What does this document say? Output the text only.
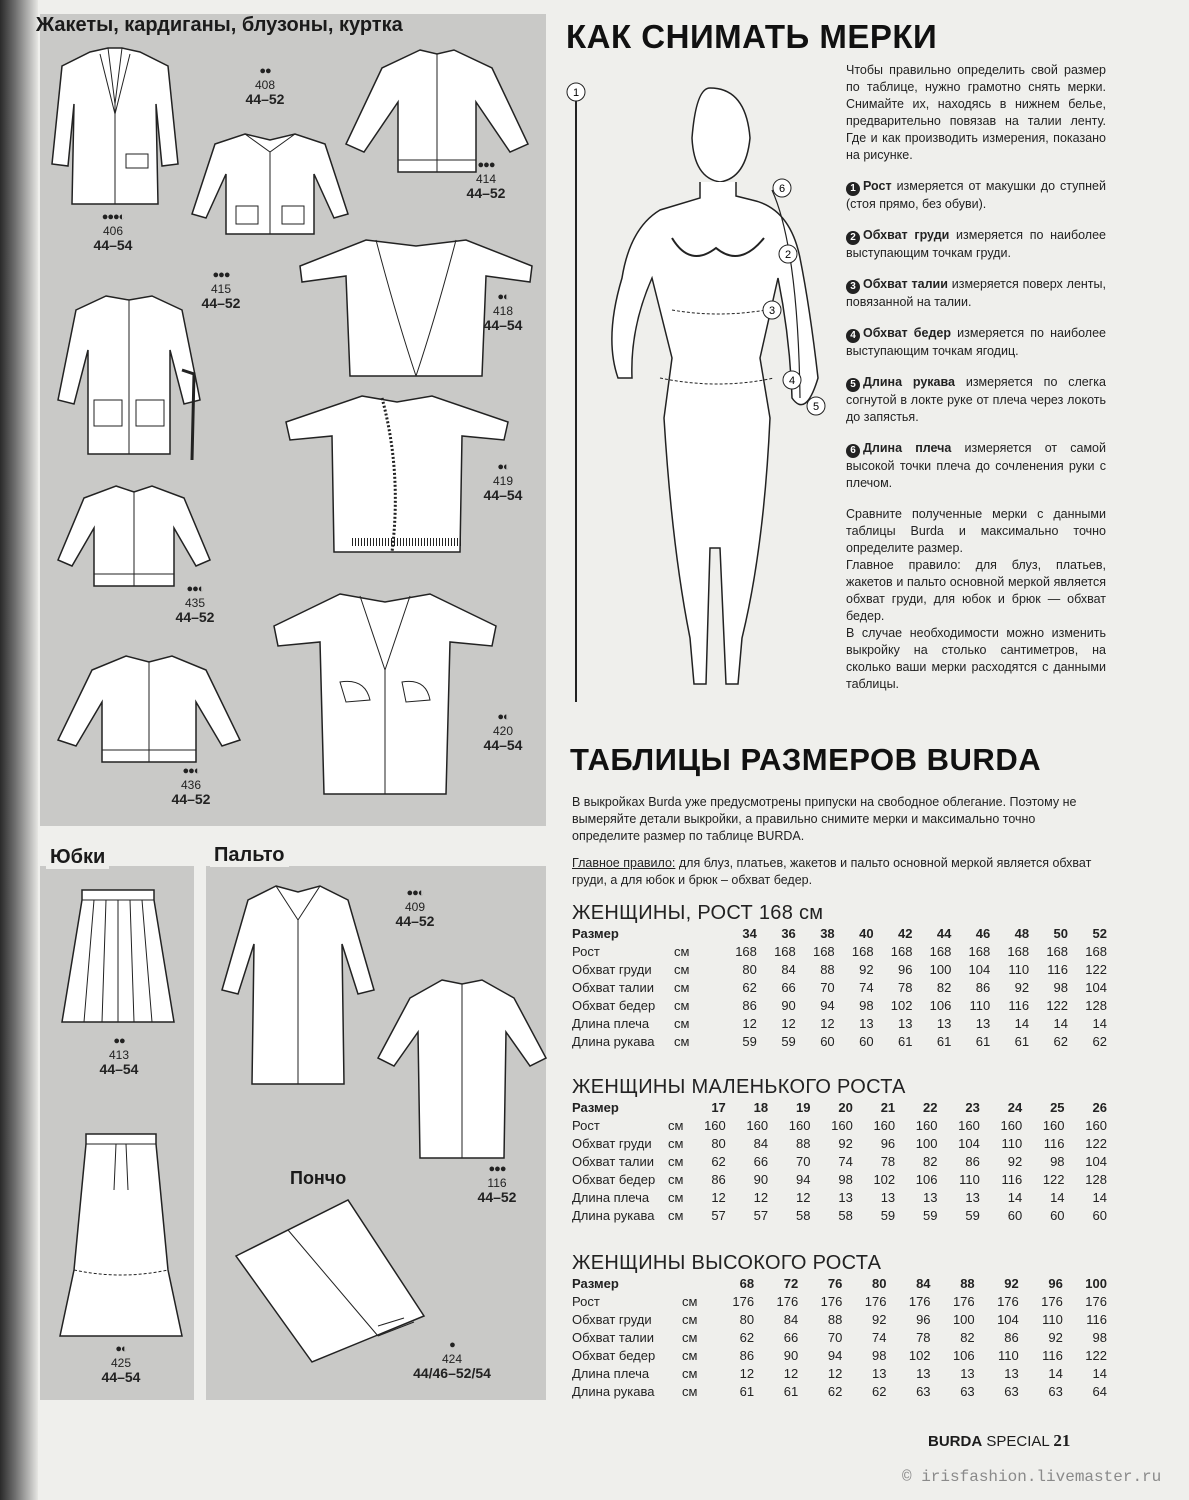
Жакеты, кардиганы, блузоны, куртка
Юбки	Пальто
Пончо
●●●◐
406
44–54
●●
408
44–52
●●●
414
44–52
●●●
415
44–52	●◐
418
44–54
●◐
419
44–54
●●◐
435
44–52
●◐
420
44–54
●●◐
436
44–52
●●
413
44–54
●◐
425
44–54
●●◐
409
44–52
●●●
116
44–52
●
424
44/46–52/54
КАК СНИМАТЬ МЕРКИ
1
6
2
3
4
5

Чтобы правильно определить свой размер по таблице, нужно грамотно снять мерки. Снимайте их, находясь в нижнем белье, предварительно повязав на талии ленту. Где и как производить измерения, показано на рисунке.

1 Рост измеряется от макушки до ступней (стоя прямо, без обуви).

2 Обхват груди измеряется по наиболее выступающим точкам груди.

3 Обхват талии измеряется поверх ленты, повязанной на талии.

4 Обхват бедер измеряется по наиболее выступающим точкам ягодиц.

5 Длина рукава измеряется по слегка согнутой в локте руке от плеча через локоть до запястья.

6 Длина плеча измеряется от самой высокой точки плеча до сочленения руки с плечом.

Сравните полученные мерки с данными таблицы Burda и максимально точно определите размер.

Главное правило: для блуз, платьев, жакетов и пальто основной меркой является обхват груди, для юбок и брюк — обхват бедер.

В случае необходимости можно изменить выкройку на столько сантиметров, на сколько ваши мерки расходятся с данными таблицы.

ТАБЛИЦЫ РАЗМЕРОВ BURDA

В выкройках Burda уже предусмотрены припуски на свободное облегание. Поэтому не вымеряйте детали выкройки, а правильно снимите мерки и максимально точно определите размер по таблице BURDA.

Главное правило: для блуз, платьев, жакетов и пальто основной меркой является обхват груди, а для юбок и брюк – обхват бедер.

ЖЕНЩИНЫ, РОСТ 168 см
Размер		34	36	38	40	42	44	46	48	50	52
Рост	см	168	168	168	168	168	168	168	168	168	168
Обхват груди	см	80	84	88	92	96	100	104	110	116	122
Обхват талии	см	62	66	70	74	78	82	86	92	98	104
Обхват бедер	см	86	90	94	98	102	106	110	116	122	128
Длина плеча	см	12	12	12	13	13	13	13	14	14	14
Длина рукава	см	59	59	60	60	61	61	61	61	62	62
ЖЕНЩИНЫ МАЛЕНЬКОГО РОСТА
Размер		17	18	19	20	21	22	23	24	25	26
Рост	см	160	160	160	160	160	160	160	160	160	160
Обхват груди	см	80	84	88	92	96	100	104	110	116	122
Обхват талии	см	62	66	70	74	78	82	86	92	98	104
Обхват бедер	см	86	90	94	98	102	106	110	116	122	128
Длина плеча	см	12	12	12	13	13	13	13	14	14	14
Длина рукава	см	57	57	58	58	59	59	59	60	60	60
ЖЕНЩИНЫ ВЫСОКОГО РОСТА
Размер		68	72	76	80	84	88	92	96	100
Рост	см	176	176	176	176	176	176	176	176	176
Обхват груди	см	80	84	88	92	96	100	104	110	116
Обхват талии	см	62	66	70	74	78	82	86	92	98
Обхват бедер	см	86	90	94	98	102	106	110	116	122
Длина плеча	см	12	12	12	13	13	13	13	14	14
Длина рукава	см	61	61	62	62	63	63	63	63	64
BURDA SPECIAL 21
© irisfashion.livemaster.ru
